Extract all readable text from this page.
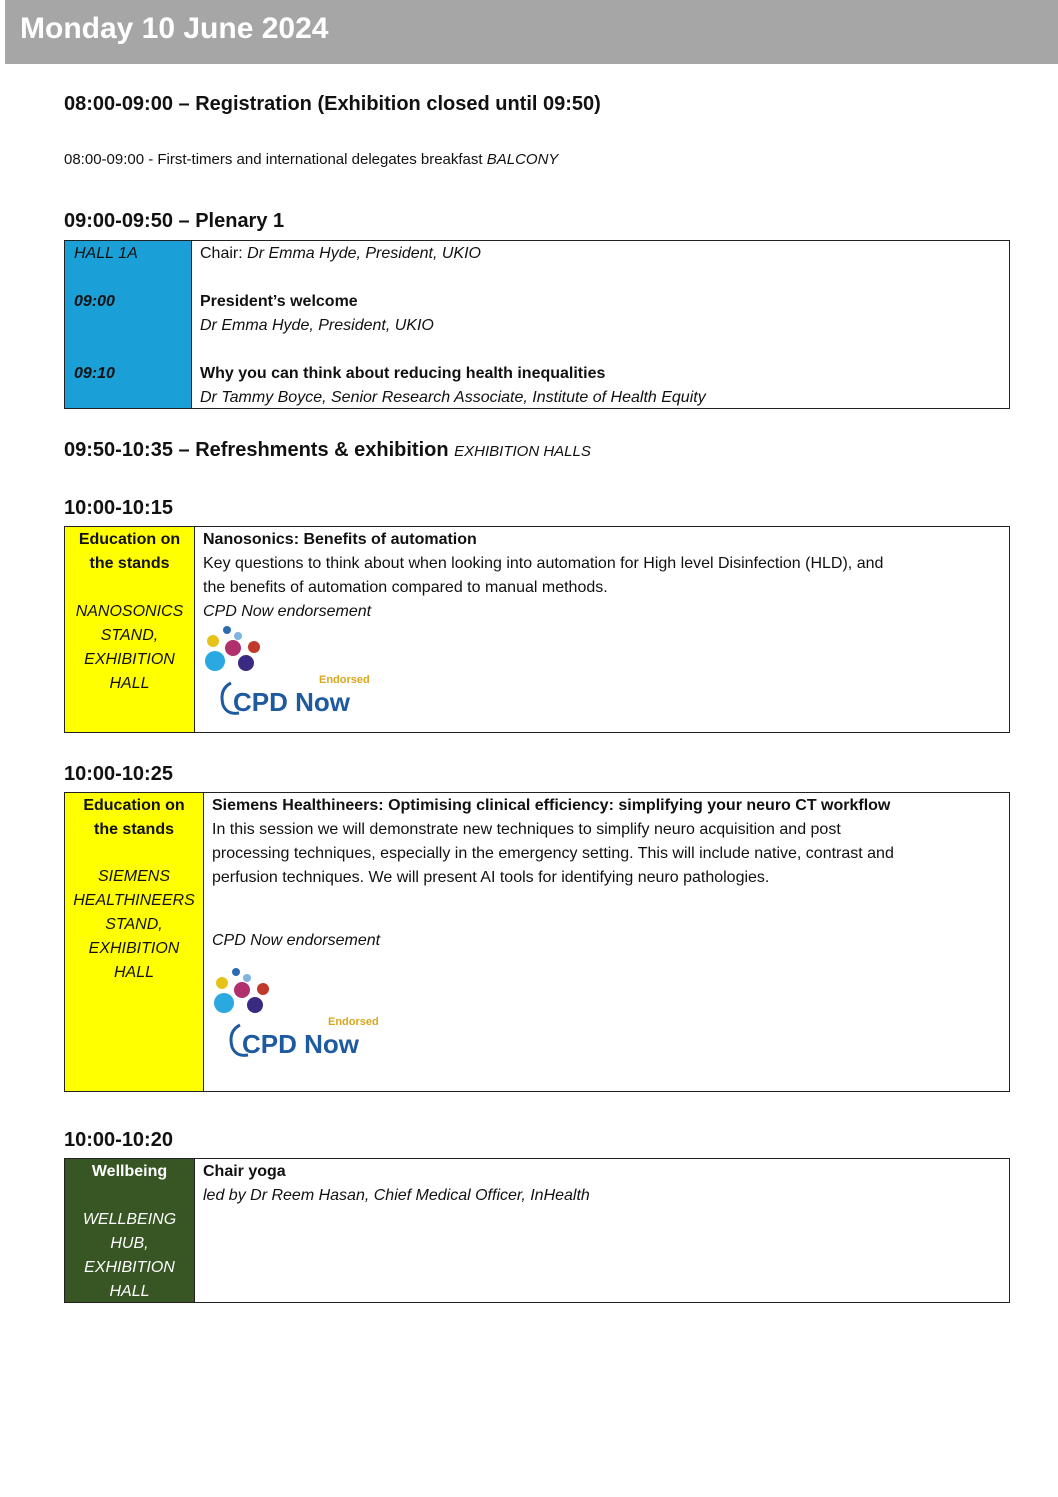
Monday 10 June 2024
08:00-09:00 – Registration (Exhibition closed until 09:50)
08:00-09:00 - First-timers and international delegates breakfast BALCONY
09:00-09:50 – Plenary 1
HALL 1A
09:00
09:10
Chair: Dr Emma Hyde, President, UKIO
President’s welcome
Dr Emma Hyde, President, UKIO
Why you can think about reducing health inequalities
Dr Tammy Boyce, Senior Research Associate, Institute of Health Equity
09:50-10:35 – Refreshments & exhibition EXHIBITION HALLS
10:00-10:15
Education on
the stands
NANOSONICS
STAND,
EXHIBITION
HALL
Nanosonics: Benefits of automation
Key questions to think about when looking into automation for High level Disinfection (HLD), and
the benefits of automation compared to manual methods.
CPD Now endorsement
Endorsed
CPD Now
10:00-10:25
Education on
the stands
SIEMENS
HEALTHINEERS
STAND,
EXHIBITION
HALL
Siemens Healthineers: Optimising clinical efficiency: simplifying your neuro CT workflow
In this session we will demonstrate new techniques to simplify neuro acquisition and post
processing techniques, especially in the emergency setting. This will include native, contrast and
perfusion techniques. We will present AI tools for identifying neuro pathologies.
CPD Now endorsement
Endorsed
CPD Now
10:00-10:20
Wellbeing
WELLBEING
HUB,
EXHIBITION
HALL
Chair yoga
led by Dr Reem Hasan, Chief Medical Officer, InHealth
